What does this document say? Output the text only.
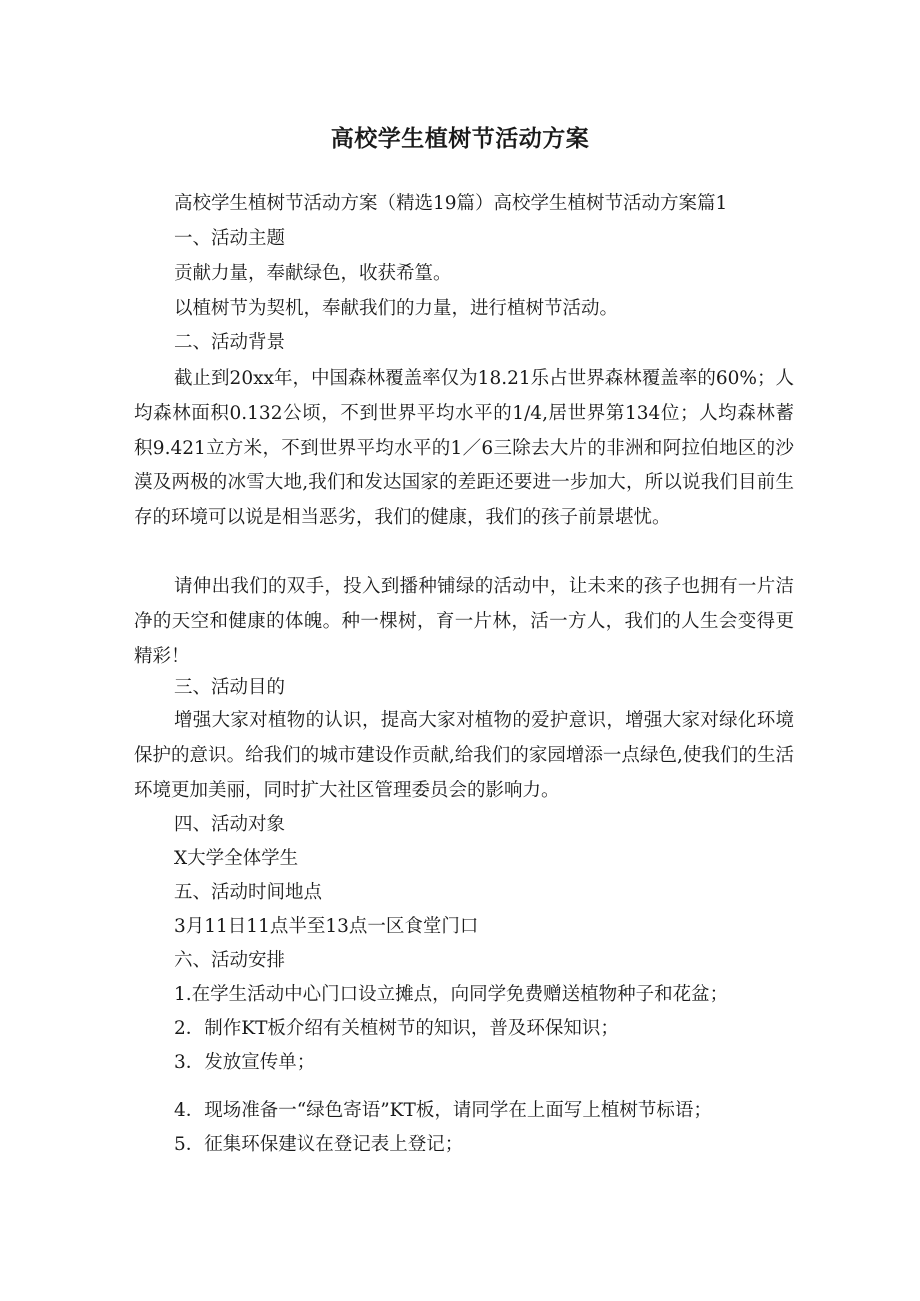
高校学生植树节活动方案
高校学生植树节活动方案（精选19篇）高校学生植树节活动方案篇1
一、活动主题
贡献力量，奉献绿色，收获希篁。
以植树节为契机，奉献我们的力量，进行植树节活动。
二、活动背景
截止到20xx年，中国森林覆盖率仅为18.21乐占世界森林覆盖率的60%；人均森林面积0.132公顷，不到世界平均水平的1/4,居世界第134位；人均森林蓄积9.421立方米，不到世界平均水平的1／6三除去大片的非洲和阿拉伯地区的沙漠及两极的冰雪大地,我们和发达国家的差距还要进一步加大，所以说我们目前生存的环境可以说是相当恶劣，我们的健康，我们的孩子前景堪忧。
请伸出我们的双手，投入到播种铺绿的活动中，让未来的孩子也拥有一片洁净的天空和健康的体魄。种一棵树，育一片林，活一方人，我们的人生会变得更精彩！
三、活动目的
增强大家对植物的认识，提高大家对植物的爱护意识，增强大家对绿化环境保护的意识。给我们的城市建设作贡献,给我们的家园增添一点绿色,使我们的生活环境更加美丽，同时扩大社区管理委员会的影响力。
四、活动对象
X大学全体学生
五、活动时间地点
3月11日11点半至13点一区食堂门口
六、活动安排
1.在学生活动中心门口设立摊点，向同学免费赠送植物种子和花盆；
2．制作KT板介绍有关植树节的知识，普及环保知识；
3．发放宣传单；
4．现场准备一“绿色寄语”KT板，请同学在上面写上植树节标语；
5．征集环保建议在登记表上登记；
